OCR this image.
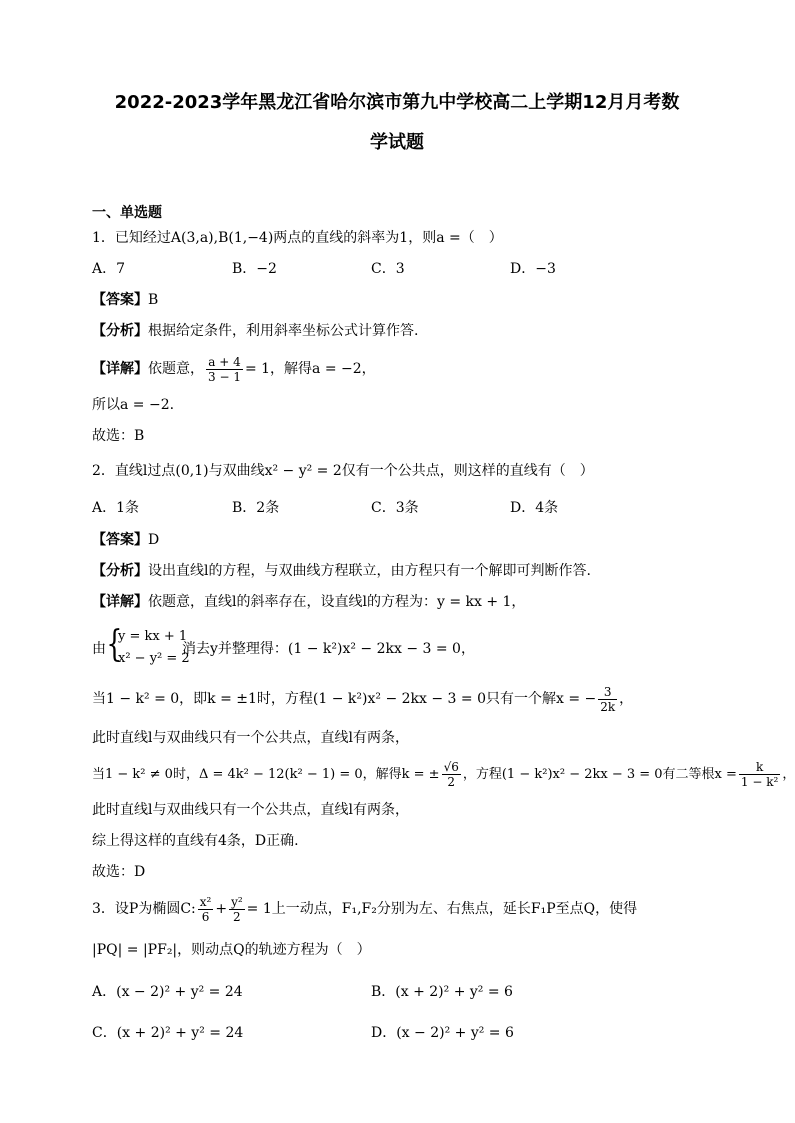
2022-2023学年黑龙江省哈尔滨市第九中学校高二上学期12月月考数
学试题
一、单选题
1．已知经过A(3,a),B(1,−4)两点的直线的斜率为1，则a =（　）
A．7	B．−2	C．3	D．−3
【答案】B
【分析】根据给定条件，利用斜率坐标公式计算作答.
【详解】依题意， $\frac{a + 4}{3 - 1} = 1$，解得a = −2，
所以a = −2.
故选：B
2．直线l过点(0,1)与双曲线x² − y² = 2仅有一个公共点，则这样的直线有（　）
A．1条	B．2条	C．3条	D．4条
【答案】D
【分析】设出直线l的方程，与双曲线方程联立，由方程只有一个解即可判断作答.
【详解】依题意，直线l的斜率存在，设直线l的方程为：y = kx + 1，
由 {
y = kx + 1
x² − y² = 2
消去y并整理得：(1 − k²)x² − 2kx − 3 = 0，
当1 − k² = 0，即k = ±1时，方程(1 − k²)x² − 2kx − 3 = 0只有一个解x = − $\frac{3}{2k}$ ，
此时直线l与双曲线只有一个公共点，直线l有两条，
当1 − k² ≠ 0时，Δ = 4k² − 12(k² − 1) = 0，解得k = ± $\frac{√6}{2}$ ，方程(1 − k²)x² − 2kx − 3 = 0有二等根$x = \frac{k}{\text{1 − k²}}$ ，
此时直线l与双曲线只有一个公共点，直线l有两条，
综上得这样的直线有4条，D正确.
故选：D
3．设P为椭圆C: $\frac{\text{x²}}{6} + \frac{\text{y²}}{2} = 1$上一动点，F₁,F₂分别为左、右焦点，延长F₁P至点Q，使得
|PQ| = |PF₂|，则动点Q的轨迹方程为（　）
A．(x − 2)² + y² = 24	B．(x + 2)² + y² = 6
C．(x + 2)² + y² = 24	D．(x − 2)² + y² = 6
